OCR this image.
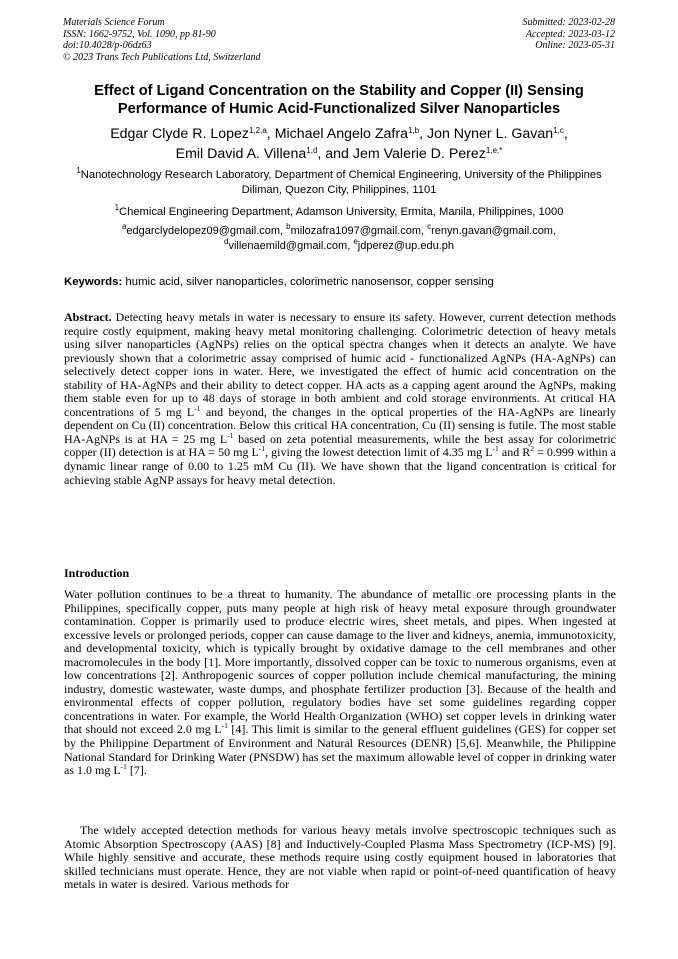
Materials Science Forum
ISSN: 1662-9752, Vol. 1090, pp 81-90
doi:10.4028/p-06dz63
© 2023 Trans Tech Publications Ltd, Switzerland
Submitted: 2023-02-28
Accepted: 2023-03-12
Online: 2023-05-31
Effect of Ligand Concentration on the Stability and Copper (II) Sensing Performance of Humic Acid-Functionalized Silver Nanoparticles
Edgar Clyde R. Lopez$^{1,2,a}$, Michael Angelo Zafra$^{1,b}$, Jon Nyner L. Gavan$^{1,c}$,
Emil David A. Villena$^{1,d}$, and Jem Valerie D. Perez$^{1,e,*}$
$^1$Nanotechnology Research Laboratory, Department of Chemical Engineering, University of the Philippines Diliman, Quezon City, Philippines, 1101
$^1$Chemical Engineering Department, Adamson University, Ermita, Manila, Philippines, 1000
$^a$edgarclydelopez09@gmail.com, $^b$milozafra1097@gmail.com, $^c$renyn.gavan@gmail.com,
$^d$villenaemild@gmail.com, $^e$jdperez@up.edu.ph
Keywords: humic acid, silver nanoparticles, colorimetric nanosensor, copper sensing
Abstract. Detecting heavy metals in water is necessary to ensure its safety. However, current detection methods require costly equipment, making heavy metal monitoring challenging. Colorimetric detection of heavy metals using silver nanoparticles (AgNPs) relies on the optical spectra changes when it detects an analyte. We have previously shown that a colorimetric assay comprised of humic acid - functionalized AgNPs (HA-AgNPs) can selectively detect copper ions in water. Here, we investigated the effect of humic acid concentration on the stability of HA-AgNPs and their ability to detect copper. HA acts as a capping agent around the AgNPs, making them stable even for up to 48 days of storage in both ambient and cold storage environments. At critical HA concentrations of 5 mg $L^{-1}$ and beyond, the changes in the optical properties of the HA-AgNPs are linearly dependent on Cu (II) concentration. Below this critical HA concentration, Cu (II) sensing is futile. The most stable HA-AgNPs is at HA = 25 mg $L^{-1}$ based on zeta potential measurements, while the best assay for colorimetric copper (II) detection is at HA = 50 mg $L^{-1}$, giving the lowest detection limit of 4.35 mg $L^{-1}$ and $R^2 = 0.999$ within a dynamic linear range of 0.00 to 1.25 mM Cu (II). We have shown that the ligand concentration is critical for achieving stable AgNP assays for heavy metal detection.
Introduction
Water pollution continues to be a threat to humanity. The abundance of metallic ore processing plants in the Philippines, specifically copper, puts many people at high risk of heavy metal exposure through groundwater contamination. Copper is primarily used to produce electric wires, sheet metals, and pipes. When ingested at excessive levels or prolonged periods, copper can cause damage to the liver and kidneys, anemia, immunotoxicity, and developmental toxicity, which is typically brought by oxidative damage to the cell membranes and other macromolecules in the body [1]. More importantly, dissolved copper can be toxic to numerous organisms, even at low concentrations [2]. Anthropogenic sources of copper pollution include chemical manufacturing, the mining industry, domestic wastewater, waste dumps, and phosphate fertilizer production [3]. Because of the health and environmental effects of copper pollution, regulatory bodies have set some guidelines regarding copper concentrations in water. For example, the World Health Organization (WHO) set copper levels in drinking water that should not exceed 2.0 mg $L^{-1}$ [4]. This limit is similar to the general effluent guidelines (GES) for copper set by the Philippine Department of Environment and Natural Resources (DENR) [5,6]. Meanwhile, the Philippine National Standard for Drinking Water (PNSDW) has set the maximum allowable level of copper in drinking water as 1.0 mg $L^{-1}$ [7].
The widely accepted detection methods for various heavy metals involve spectroscopic techniques such as Atomic Absorption Spectroscopy (AAS) [8] and Inductively-Coupled Plasma Mass Spectrometry (ICP-MS) [9]. While highly sensitive and accurate, these methods require using costly equipment housed in laboratories that skilled technicians must operate. Hence, they are not viable when rapid or point-of-need quantification of heavy metals in water is desired. Various methods for
